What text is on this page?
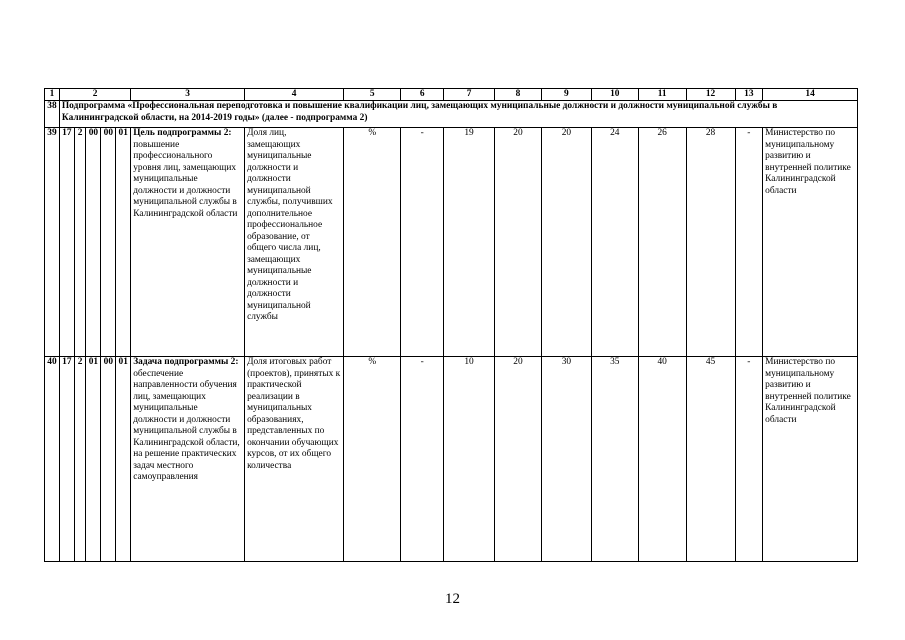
1	2					3	4	5	6	7	8	9	10	11	12	13	14
38	Подпрограмма «Профессиональная переподготовка и повышение квалификации лиц, замещающих муниципальные должности и должности муниципальной службы в Калининградской области, на 2014-2019 годы» (далее - подпрограмма 2)																
39	17	2	00	00	01	Цель подпрограммы 2: повышение профессионального уровня лиц, замещающих муниципальные должности и должности муниципальной службы в Калининградской области	Доля лиц, замещающих муниципальные должности и должности муниципальной службы, получивших дополнительное профессиональное образование, от общего числа лиц, замещающих муниципальные должности и должности муниципальной службы	%	-	19	20	20	24	26	28	-	Министерство по муниципальному развитию и внутренней политике Калининградской области
40	17	2	01	00	01	Задача подпрограммы 2: обеспечение направленности обучения лиц, замещающих муниципальные должности и должности муниципальной службы в Калининградской области, на решение практических задач местного самоуправления	Доля итоговых работ (проектов), принятых к практической реализации в муниципальных образованиях, представленных по окончании обучающих курсов, от их общего количества	%	-	10	20	30	35	40	45	-	Министерство по муниципальному развитию и внутренней политике Калининградской области
12
